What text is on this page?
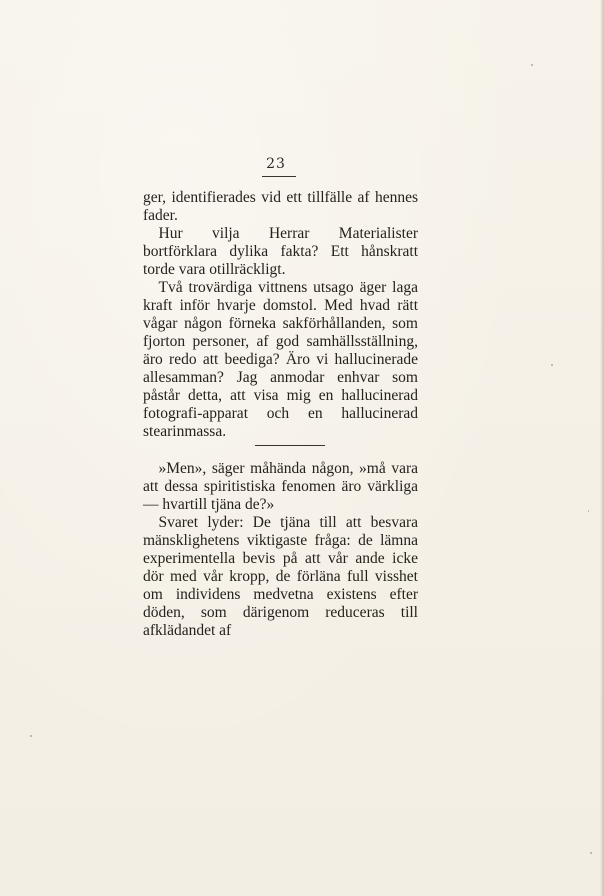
23

ger, identifierades vid ett tillfälle af hennes fader.

Hur vilja Herrar Materialister bortförklara dylika fakta? Ett hånskratt torde vara otillräckligt.

Två trovärdiga vittnens utsago äger laga kraft inför hvarje domstol. Med hvad rätt vågar någon förneka sakförhållanden, som fjorton personer, af god samhällsställning, äro redo att beediga? Äro vi hallucinerade allesamman? Jag anmodar enhvar som påstår detta, att visa mig en hallucinerad fotografi-apparat och en hallucinerad stearinmassa.

»Men», säger måhända någon, »må vara att dessa spiritistiska fenomen äro värkliga — hvartill tjäna de?»

Svaret lyder: De tjäna till att besvara mänsklighetens viktigaste fråga: de lämna experimentella bevis på att vår ande icke dör med vår kropp, de förläna full visshet om individens medvetna existens efter döden, som därigenom reduceras till afklädandet af
